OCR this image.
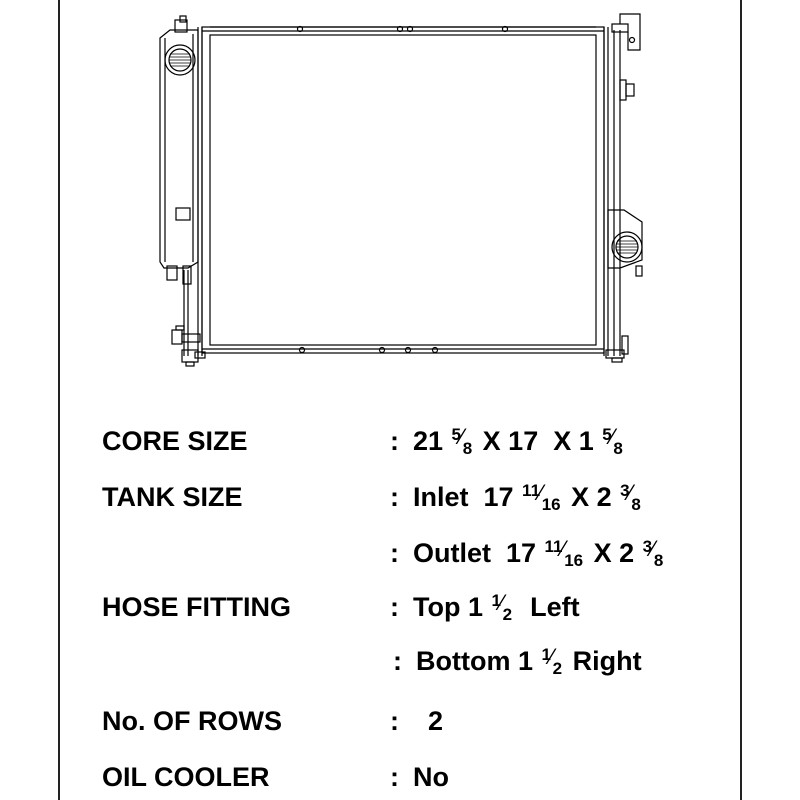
CORE SIZE	: 21 5⁄8 X 17  X 1 5⁄8
TANK SIZE	: Inlet  17 11⁄16 X 2 3⁄8
: Outlet  17 11⁄16 X 2 3⁄8
HOSE FITTING	: Top 1 1⁄2  Left
: Bottom 1 1⁄2 Right
No. OF ROWS	:  2
OIL COOLER	: No
